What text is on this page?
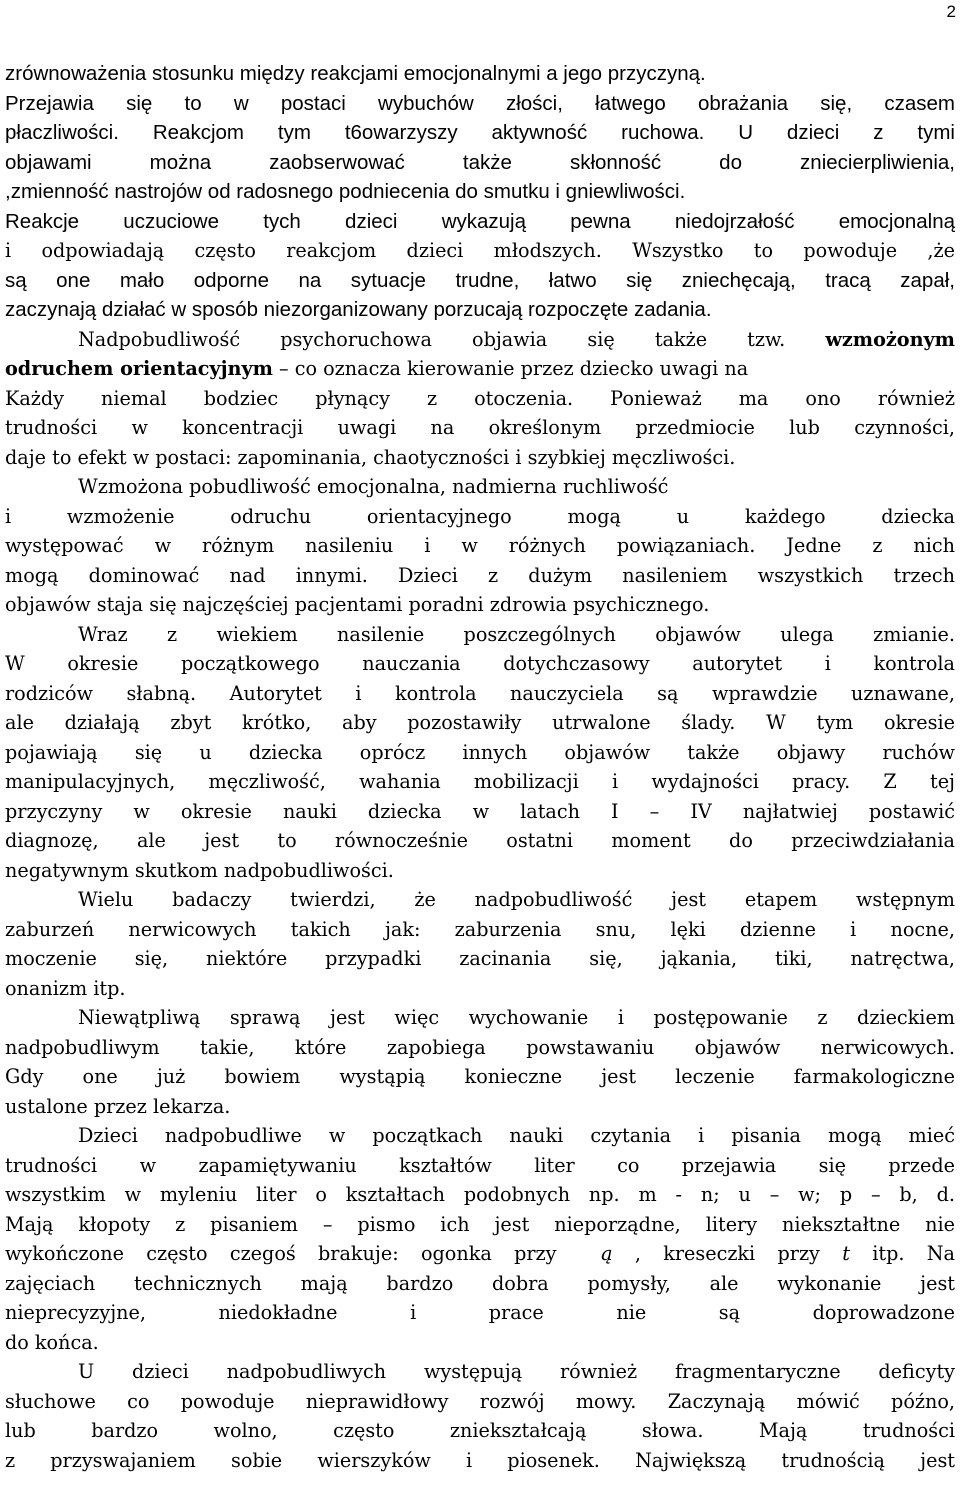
2
zrównoważenia stosunku między reakcjami emocjonalnymi a jego przyczyną.
Przejawia się to w postaci wybuchów złości, łatwego obrażania się, czasem
płaczliwości. Reakcjom tym t6owarzyszy aktywność ruchowa. U dzieci z tymi
objawami można zaobserwować także skłonność do zniecierpliwienia,
,zmienność nastrojów od radosnego podniecenia do smutku i gniewliwości.
Reakcje uczuciowe tych dzieci wykazują pewna niedojrzałość emocjonalną
i odpowiadają często reakcjom dzieci młodszych. Wszystko to powoduje ,że
są one mało odporne na sytuacje trudne, łatwo się zniechęcają, tracą zapał,
zaczynają działać w sposób niezorganizowany porzucają rozpoczęte zadania.
Nadpobudliwość psychoruchowa objawia się także tzw. wzmożonym
odruchem orientacyjnym – co oznacza kierowanie przez dziecko uwagi na
Każdy niemal bodziec płynący z otoczenia. Ponieważ ma ono również
trudności w koncentracji uwagi na określonym przedmiocie lub czynności,
daje to efekt w postaci: zapominania, chaotyczności i szybkiej męczliwości.
Wzmożona pobudliwość emocjonalna, nadmierna ruchliwość
i wzmożenie odruchu orientacyjnego mogą u każdego dziecka
występować w różnym nasileniu i w różnych powiązaniach. Jedne z nich
mogą dominować nad innymi. Dzieci z dużym nasileniem wszystkich trzech
objawów staja się najczęściej pacjentami poradni zdrowia psychicznego.
Wraz z wiekiem nasilenie poszczególnych objawów ulega zmianie.
W okresie początkowego nauczania dotychczasowy autorytet i kontrola
rodziców słabną. Autorytet i kontrola nauczyciela są wprawdzie uznawane,
ale działają zbyt krótko, aby pozostawiły utrwalone ślady. W tym okresie
pojawiają się u dziecka oprócz innych objawów także objawy ruchów
manipulacyjnych, męczliwość, wahania mobilizacji i wydajności pracy. Z tej
przyczyny w okresie nauki dziecka w latach I – IV najłatwiej postawić
diagnozę, ale jest to równocześnie ostatni moment do przeciwdziałania
negatywnym skutkom nadpobudliwości.
Wielu badaczy twierdzi, że nadpobudliwość jest etapem wstępnym
zaburzeń nerwicowych takich jak: zaburzenia snu, lęki dzienne i nocne,
moczenie się, niektóre przypadki zacinania się, jąkania, tiki, natręctwa,
onanizm itp.
Niewątpliwą sprawą jest więc wychowanie i postępowanie z dzieckiem
nadpobudliwym takie, które zapobiega powstawaniu objawów nerwicowych.
Gdy one już bowiem wystąpią konieczne jest leczenie farmakologiczne
ustalone przez lekarza.
Dzieci nadpobudliwe w początkach nauki czytania i pisania mogą mieć
trudności w zapamiętywaniu kształtów liter co przejawia się przede
wszystkim w myleniu liter o kształtach podobnych np. m - n; u – w; p – b, d.
Mają kłopoty z pisaniem – pismo ich jest nieporządne, litery niekształtne nie
wykończone często czegoś brakuje: ogonka przy ą , kreseczki przy t itp. Na
zajęciach technicznych mają bardzo dobra pomysły, ale wykonanie jest
nieprecyzyjne, niedokładne i prace nie są doprowadzone
do końca.
U dzieci nadpobudliwych występują również fragmentaryczne deficyty
słuchowe co powoduje nieprawidłowy rozwój mowy. Zaczynają mówić późno,
lub bardzo wolno, często zniekształcają słowa. Mają trudności
z przyswajaniem sobie wierszyków i piosenek. Największą trudnością jest
